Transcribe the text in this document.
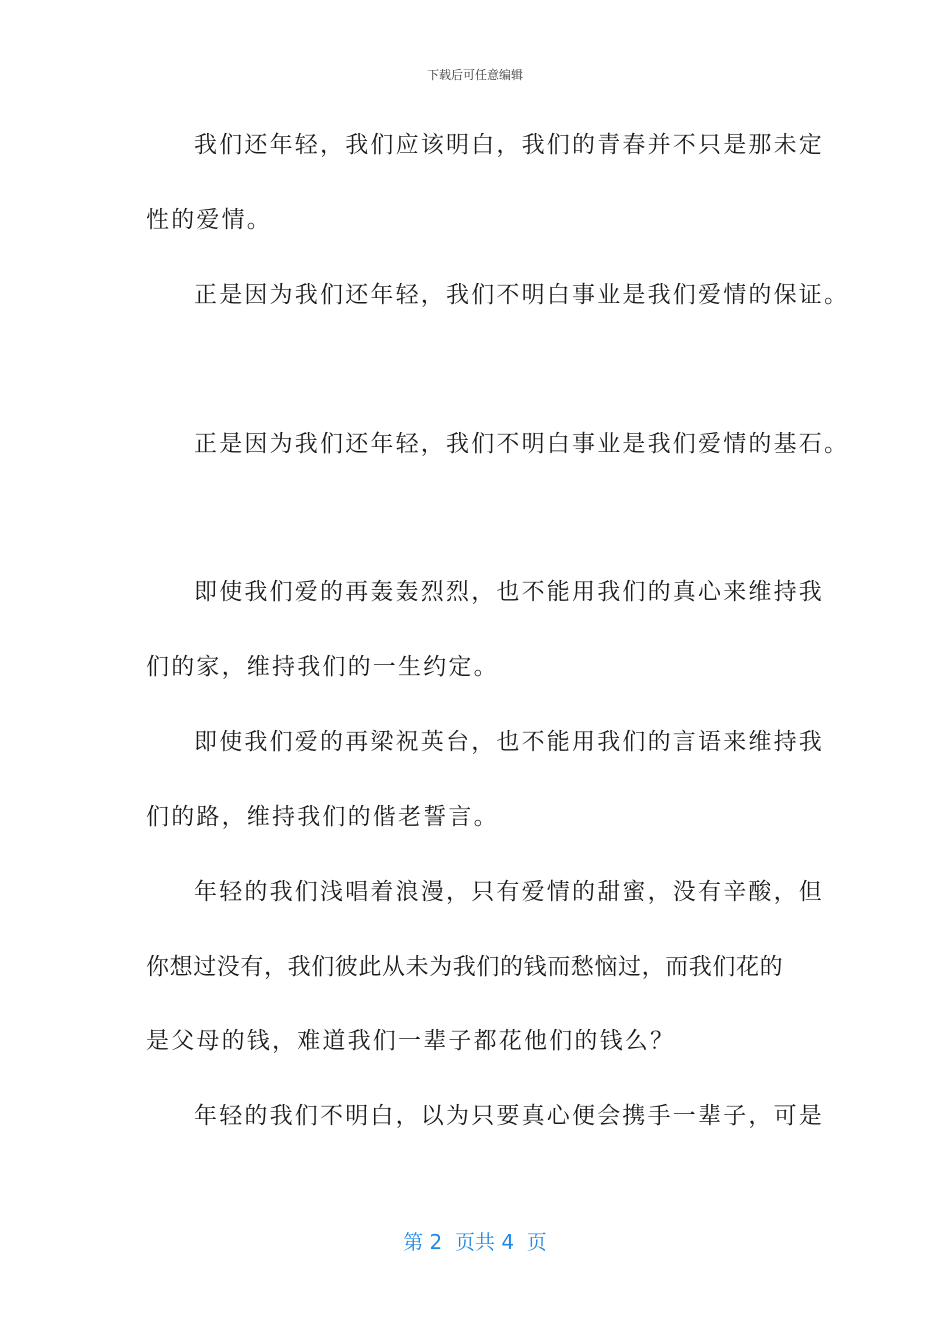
下载后可任意编辑
我们还年轻，我们应该明白，我们的青春并不只是那未定
性的爱情。
正是因为我们还年轻，我们不明白事业是我们爱情的保证。
正是因为我们还年轻，我们不明白事业是我们爱情的基石。
即使我们爱的再轰轰烈烈，也不能用我们的真心来维持我
们的家，维持我们的一生约定。
即使我们爱的再梁祝英台，也不能用我们的言语来维持我
们的路，维持我们的偕老誓言。
年轻的我们浅唱着浪漫，只有爱情的甜蜜，没有辛酸，但
你想过没有，我们彼此从未为我们的钱而愁恼过，而我们花的
是父母的钱，难道我们一辈子都花他们的钱么？
年轻的我们不明白，以为只要真心便会携手一辈子，可是
第 2  页共 4  页
